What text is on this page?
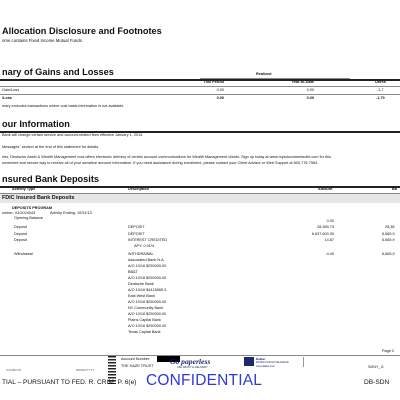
Allocation Disclosure and Footnotes
ome contains Fixed Income Mutual Funds.
nary of Gains and Losses	Realized
This Period	Year-to-Date	Unrea
Gain/Loss	0.00	0.00	-1,7
/Loss	0.00	0.00	-1,79
mary excludes transactions where cost basis information is not available.
our Information
Bank will change certain service and account-related fees effective January 1, 2014.
Messages" section at the end of this statement for details.
ries, Deutsche Asset & Wealth Management now offers electronic delivery of certain account communications for Wealth Management clients. Sign up today at www.mysdocumentsuite.com for this
onvenient and secure way to receive all of your sensitive account information. If you need assistance during enrollment, please contact your Client Advisor or Web Support at 800-776-7564.
nsured Bank Deposits
Activity Type	Description	Amount	Ba
FDIC Insured Bank Deposits
DEPOSITS PROGRAM
umber: X4G024043	Activity Ending: 10/31/13
Opening Balance
0.00
Deposit	DEPOSIT	28,389.73	28,38
Deposit	DEPOSIT	6,637,600.30	6,665,9
Deposit	INTEREST CREDITED	14.87	6,665,9
APY: 0.01%
Withdrawal	WITHDRAWAL	-4.40	6,665,9
Associated Bank N.A
A/O 10/16 $250000.00
BB&T
A/O 10/16 $250000.00
Deutsche Bank
A/O 10/16 $4415665.3
East West Bank
A/O 10/16 $250000.00
NY Community Bank
A/O 10/16 $250000.00
Plains Capital Bank
A/O 10/16 $250000.00
Texas Capital Bank
Page 2
OO/AB-OO	DD/DD/YYYY
Account Number:
THE HAZE TRUST Go paperless
ASK ABOUT E-DELIVERY
Dalbar
RATED FOR EXCELLENCE
www.dalbar.com	SDNY_G
TIAL – PURSUANT TO FED. R. CRIM. P. 6(e) CONFIDENTIAL	DB-SDN
